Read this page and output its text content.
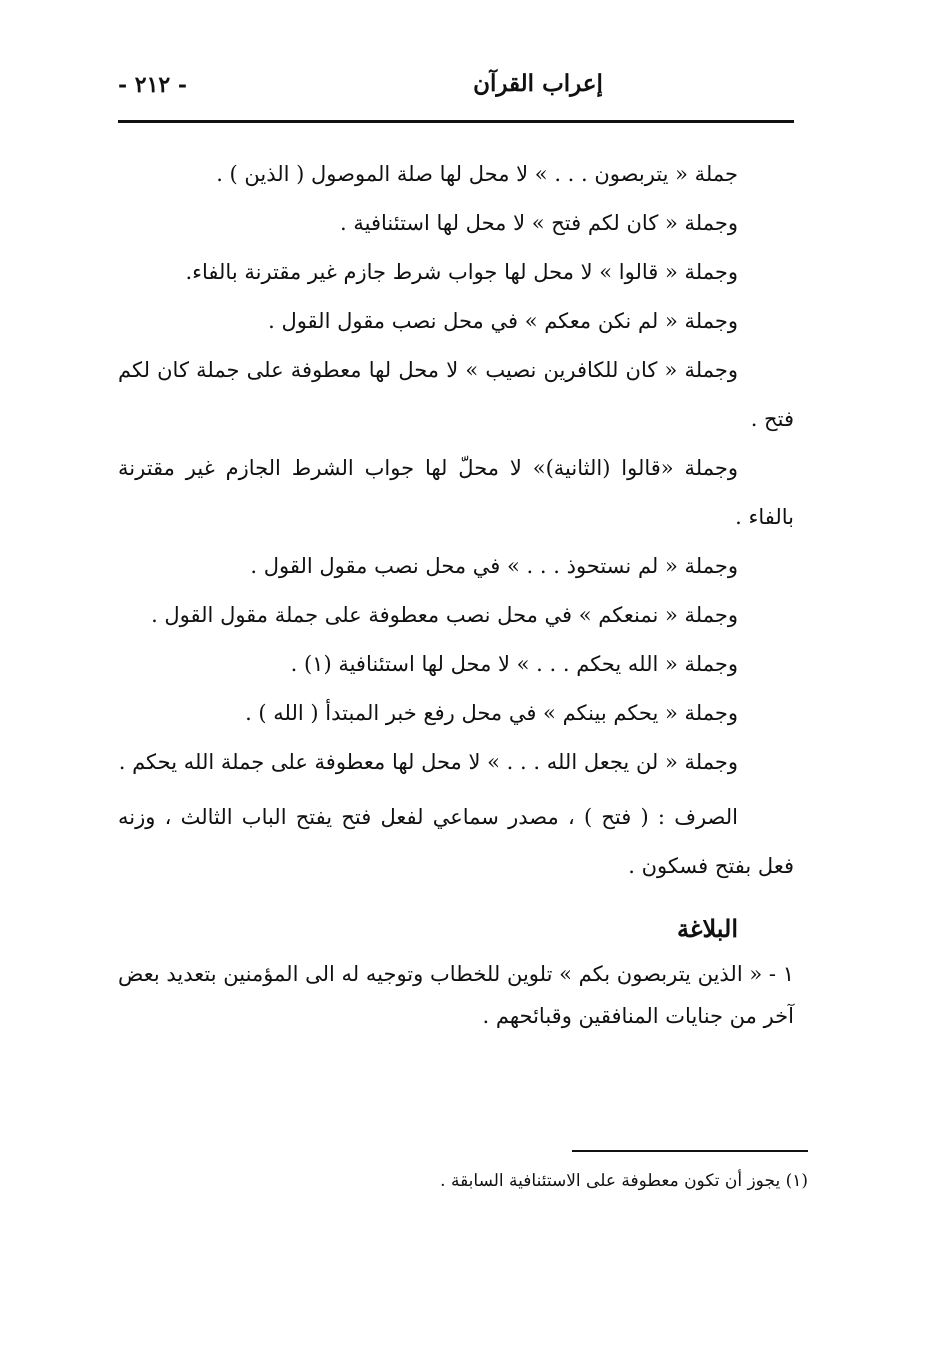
إعراب القرآن
- ٢١٢ -

جملة « يتربصون . . . » لا محل لها صلة الموصول ( الذين ) .

وجملة « كان لكم فتح » لا محل لها استئنافية .

وجملة « قالوا » لا محل لها جواب شرط جازم غير مقترنة بالفاء.

وجملة « لم نكن معكم » في محل نصب مقول القول .

وجملة « كان للكافرين نصيب » لا محل لها معطوفة على جملة كان لكم فتح .

وجملة «قالوا (الثانية)» لا محلّ لها جواب الشرط الجازم غير مقترنة بالفاء .

وجملة « لم نستحوذ . . . » في محل نصب مقول القول .

وجملة « نمنعكم » في محل نصب معطوفة على جملة مقول القول .

وجملة « الله يحكم . . . » لا محل لها استئنافية (١) .

وجملة « يحكم بينكم » في محل رفع خبر المبتدأ ( الله ) .

وجملة « لن يجعل الله . . . » لا محل لها معطوفة على جملة الله يحكم .

الصرف : ( فتح ) ، مصدر سماعي لفعل فتح يفتح الباب الثالث ، وزنه فعل بفتح فسكون .

البلاغة

١ - « الذين يتربصون بكم » تلوين للخطاب وتوجيه له الى المؤمنين بتعديد بعض آخر من جنايات المنافقين وقبائحهم .

(١) يجوز أن تكون معطوفة على الاستئنافية السابقة .
